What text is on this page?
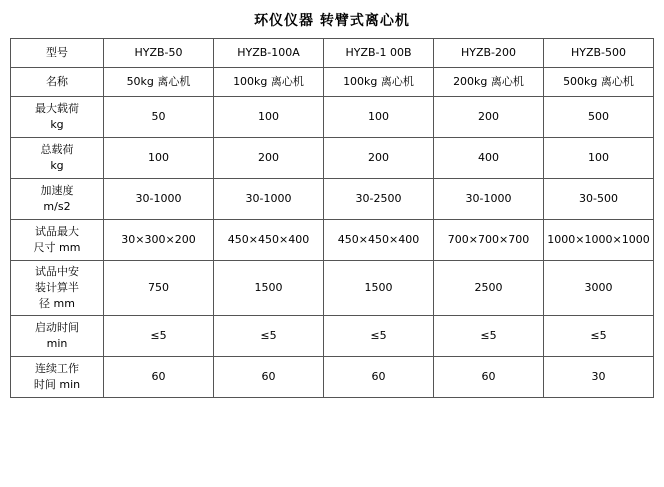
环仪仪器 转臂式离心机
型号	HYZB-50	HYZB-100A	HYZB-1 00B	HYZB-200	HYZB-500

名称	50kg 离心机	100kg 离心机	100kg 离心机	200kg 离心机	500kg 离心机

最大载荷
kg	50	100	100	200	500

总载荷
kg	100	200	200	400	100

加速度
m/s2	30-1000	30-1000	30-2500	30-1000	30-500

试品最大
尺寸 mm	30×300×200	450×450×400	450×450×400	700×700×700	1000×1000×1000

试品中安
装计算半
径 mm	750	1500	1500	2500	3000

启动时间
min	≤5	≤5	≤5	≤5	≤5

连续工作
时间 min	60	60	60	60	30
